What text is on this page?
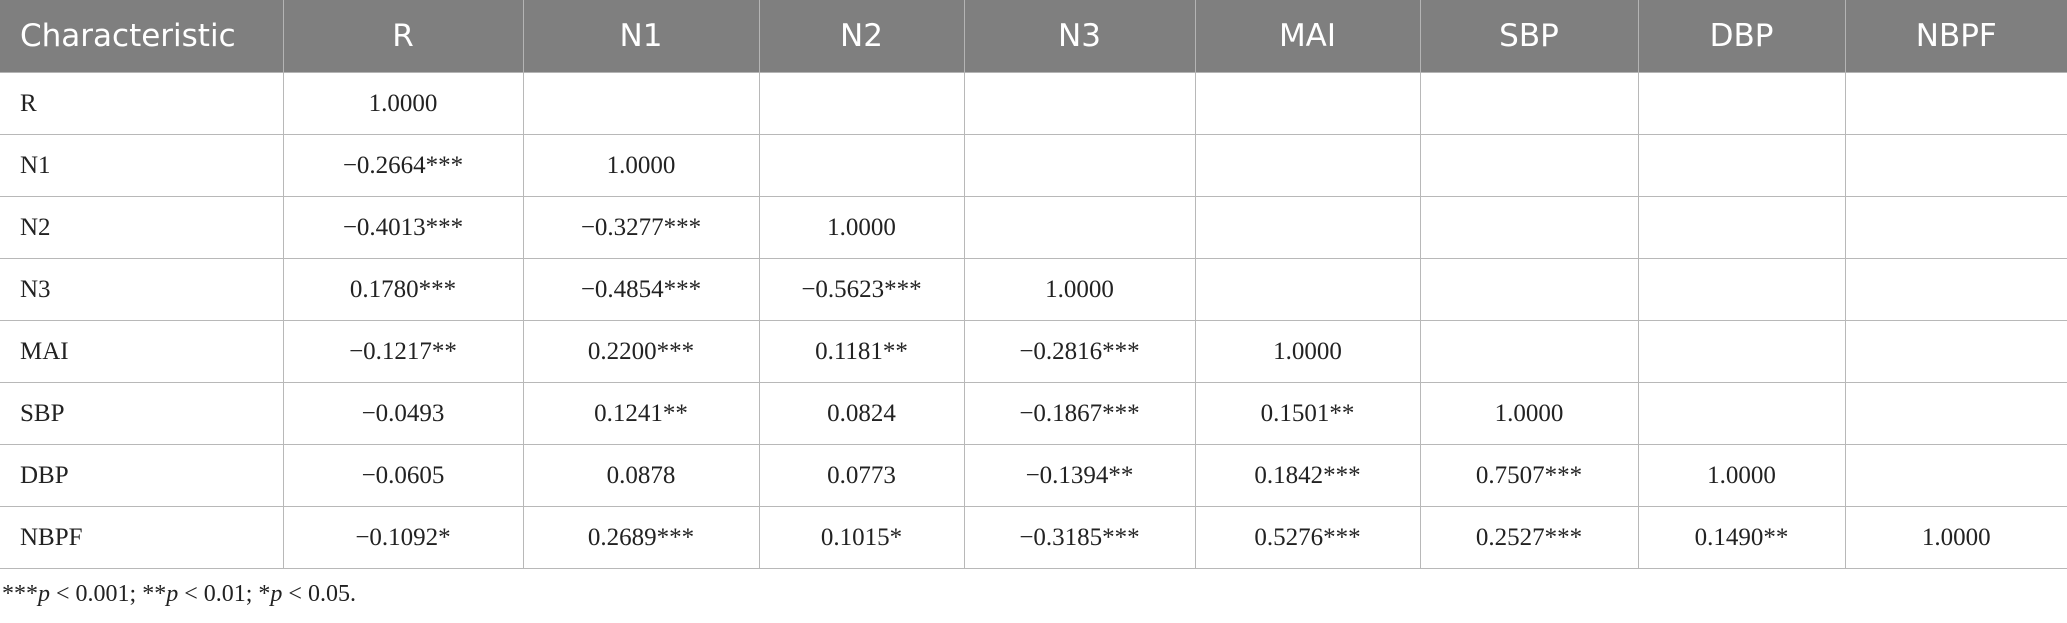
Characteristic	R	N1	N2	N3	MAI	SBP	DBP	NBPF
R	1.0000							
N1	−0.2664***	1.0000						
N2	−0.4013***	−0.3277***	1.0000					
N3	0.1780***	−0.4854***	−0.5623***	1.0000				
MAI	−0.1217**	0.2200***	0.1181**	−0.2816***	1.0000			
SBP	−0.0493	0.1241**	0.0824	−0.1867***	0.1501**	1.0000		
DBP	−0.0605	0.0878	0.0773	−0.1394**	0.1842***	0.7507***	1.0000	
NBPF	−0.1092*	0.2689***	0.1015*	−0.3185***	0.5276***	0.2527***	0.1490**	1.0000
***p < 0.001; **p < 0.01; *p < 0.05.
